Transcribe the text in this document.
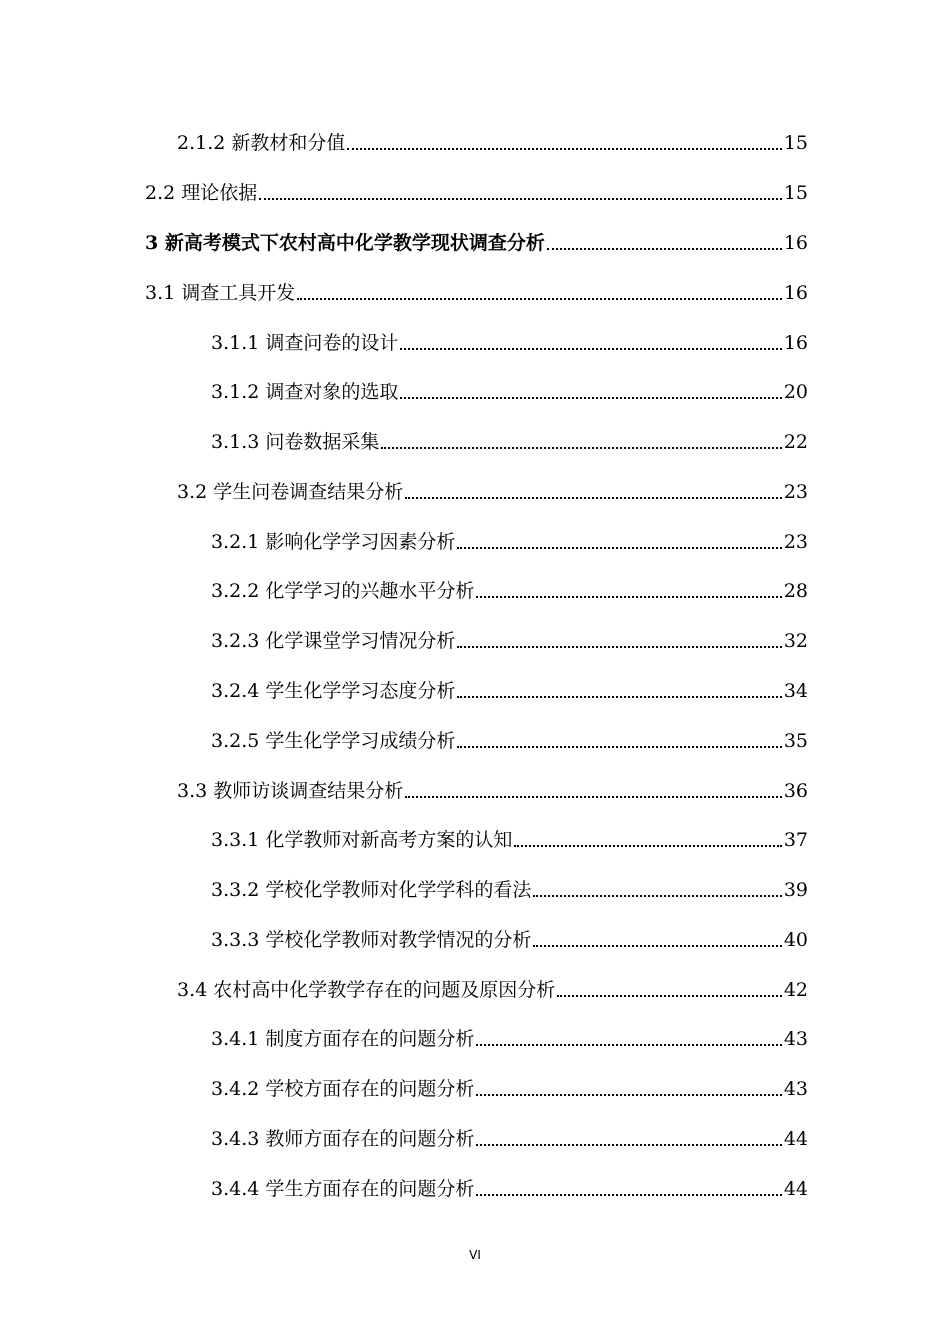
2.1.2 新教材和分值	15
2.2 理论依据	15
3 新高考模式下农村高中化学教学现状调查分析	16
3.1 调查工具开发	16
3.1.1 调查问卷的设计	16
3.1.2 调查对象的选取	20
3.1.3 问卷数据采集	22
3.2 学生问卷调查结果分析	23
3.2.1 影响化学学习因素分析	23
3.2.2 化学学习的兴趣水平分析	28
3.2.3 化学课堂学习情况分析	32
3.2.4 学生化学学习态度分析	34
3.2.5 学生化学学习成绩分析	35
3.3 教师访谈调查结果分析	36
3.3.1 化学教师对新高考方案的认知	37
3.3.2 学校化学教师对化学学科的看法	39
3.3.3 学校化学教师对教学情况的分析	40
3.4 农村高中化学教学存在的问题及原因分析	42
3.4.1 制度方面存在的问题分析	43
3.4.2 学校方面存在的问题分析	43
3.4.3 教师方面存在的问题分析	44
3.4.4 学生方面存在的问题分析	44
VI
